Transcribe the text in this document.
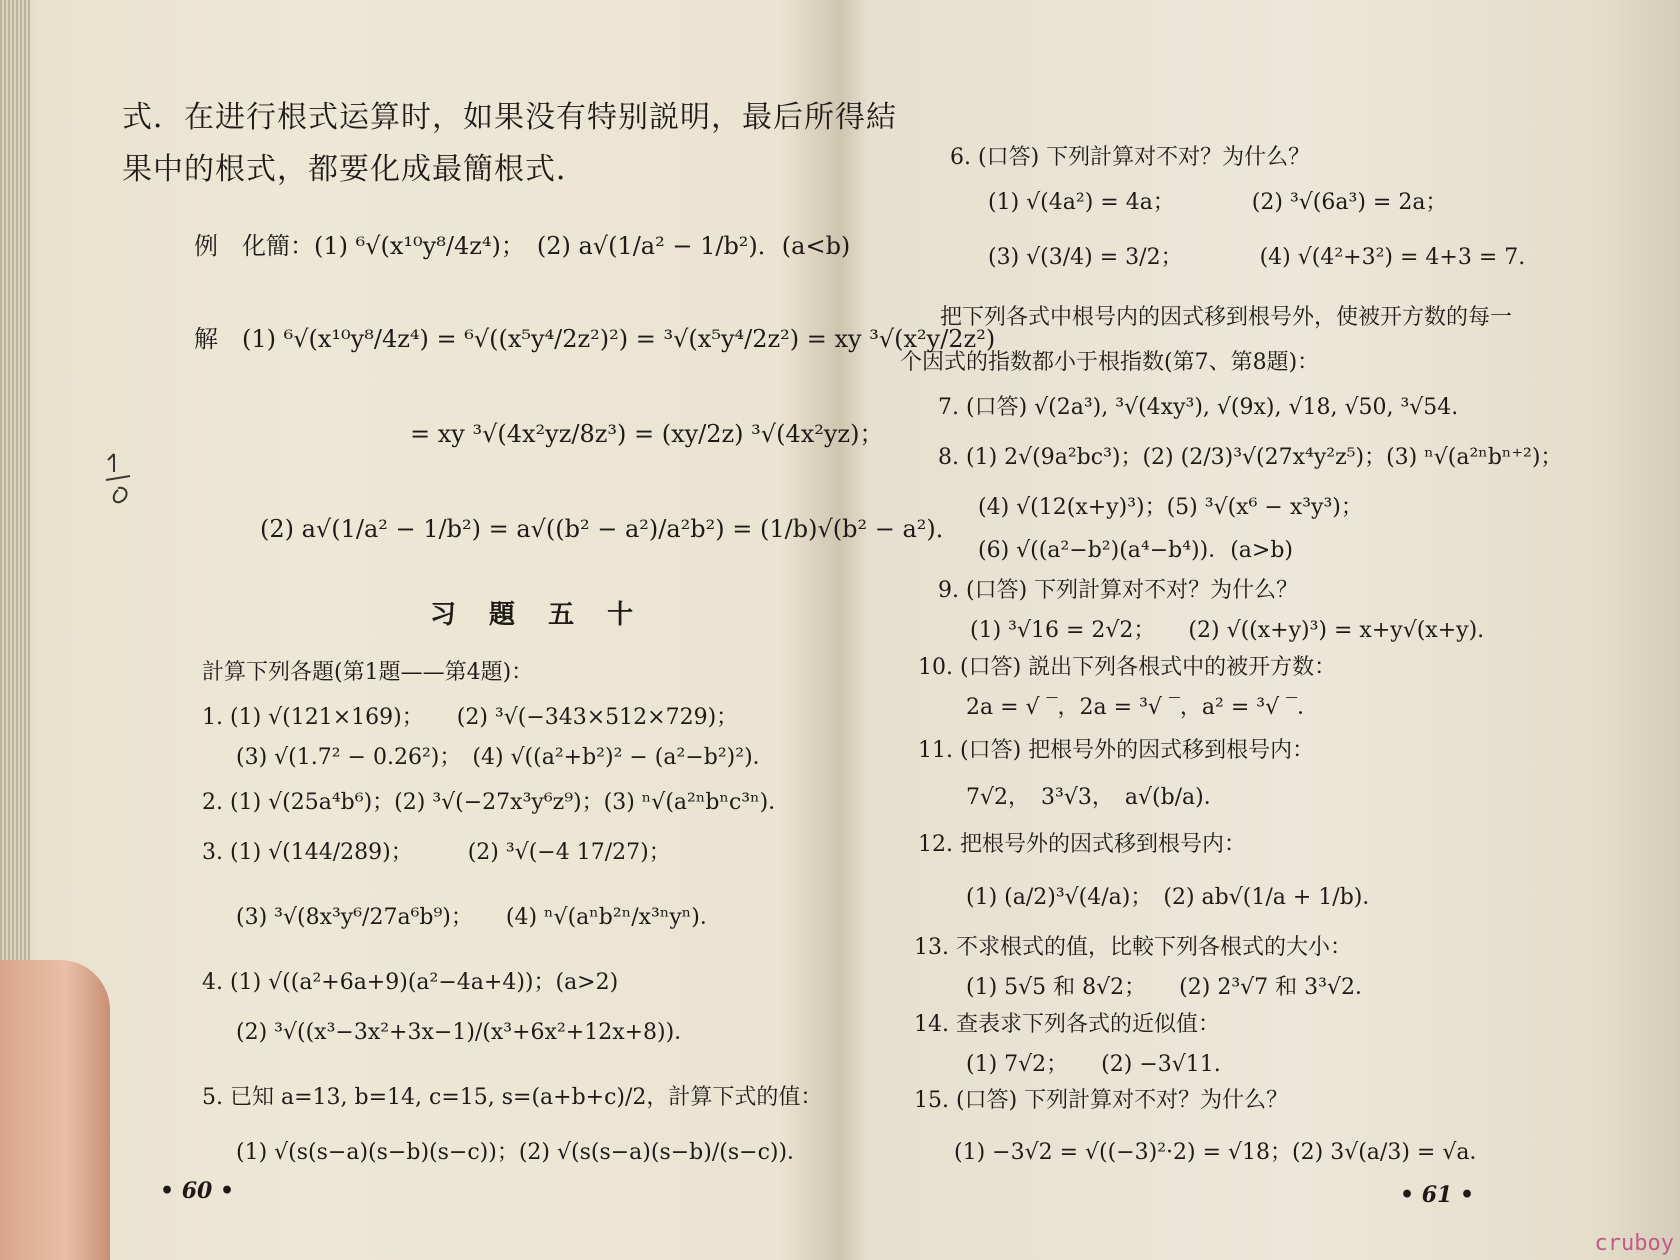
式．在进行根式运算时，如果没有特别説明，最后所得結
果中的根式，都要化成最簡根式．
例　化簡：(1) ⁶√(x¹⁰y⁸/4z⁴)；　(2) a√(1/a² − 1/b²)．(a<b)
解　(1) ⁶√(x¹⁰y⁸/4z⁴) = ⁶√((x⁵y⁴/2z²)²) = ³√(x⁵y⁴/2z²) = xy ³√(x²y/2z²)
= xy ³√(4x²yz/8z³) = (xy/2z) ³√(4x²yz)；
(2) a√(1/a² − 1/b²) = a√((b² − a²)/a²b²) = (1/b)√(b² − a²)．
习 題 五 十
計算下列各題(第1題——第4題)：
1. (1) √(121×169)；　　(2) ³√(−343×512×729)；
(3) √(1.7² − 0.26²)；　(4) √((a²+b²)² − (a²−b²)²)．
2. (1) √(25a⁴b⁶)；(2) ³√(−27x³y⁶z⁹)；(3) ⁿ√(a²ⁿbⁿc³ⁿ)．
3. (1) √(144/289)；　　　(2) ³√(−4 17/27)；
(3) ³√(8x³y⁶/27a⁶b⁹)；　　(4) ⁿ√(aⁿb²ⁿ/x³ⁿyⁿ)．
4. (1) √((a²+6a+9)(a²−4a+4))；(a>2)
(2) ³√((x³−3x²+3x−1)/(x³+6x²+12x+8))．
5. 已知 a=13, b=14, c=15, s=(a+b+c)/2，計算下式的值：
(1) √(s(s−a)(s−b)(s−c))；(2) √(s(s−a)(s−b)/(s−c))．
• 60 •
6. (口答) 下列計算对不对？为什么？
(1) √(4a²) = 4a；　　　　(2) ³√(6a³) = 2a；
(3) √(3/4) = 3/2；　　　　(4) √(4²+3²) = 4+3 = 7.
把下列各式中根号内的因式移到根号外，使被开方数的每一
个因式的指数都小于根指数(第7、第8題)：
7. (口答) √(2a³), ³√(4xy³), √(9x), √18, √50, ³√54.
8. (1) 2√(9a²bc³)；(2) (2/3)³√(27x⁴y²z⁵)；(3) ⁿ√(a²ⁿbⁿ⁺²)；
(4) √(12(x+y)³)；(5) ³√(x⁶ − x³y³)；
(6) √((a²−b²)(a⁴−b⁴))．(a>b)
9. (口答) 下列計算对不对？为什么？
(1) ³√16 = 2√2；　　(2) √((x+y)³) = x+y√(x+y).
10. (口答) 説出下列各根式中的被开方数：
2a = √ ‾，2a = ³√ ‾，a² = ³√ ‾．
11. (口答) 把根号外的因式移到根号内：
7√2，　3³√3，　a√(b/a)．
12. 把根号外的因式移到根号内：
(1) (a/2)³√(4/a)；　(2) ab√(1/a + 1/b)．
13. 不求根式的值，比較下列各根式的大小：
(1) 5√5 和 8√2；　　(2) 2³√7 和 3³√2．
14. 查表求下列各式的近似值：
(1) 7√2；　　(2) −3√11.
15. (口答) 下列計算对不对？为什么？
(1) −3√2 = √((−3)²·2) = √18；(2) 3√(a/3) = √a．
• 61 •
cruboy
